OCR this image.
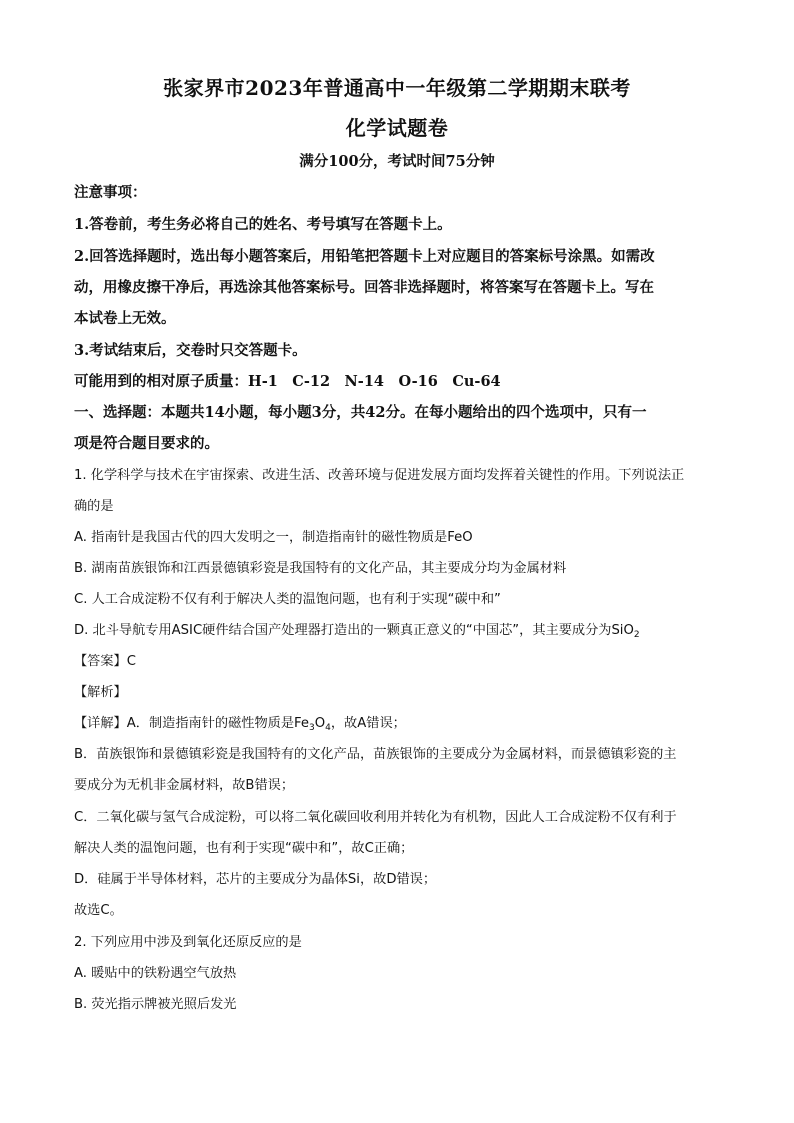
张家界市2023年普通高中一年级第二学期期末联考
化学试题卷
满分100分，考试时间75分钟
注意事项：
1.答卷前，考生务必将自己的姓名、考号填写在答题卡上。
2.回答选择题时，选出每小题答案后，用铅笔把答题卡上对应题目的答案标号涂黑。如需改
动，用橡皮擦干净后，再选涂其他答案标号。回答非选择题时，将答案写在答题卡上。写在
本试卷上无效。
3.考试结束后，交卷时只交答题卡。
可能用到的相对原子质量：H-1　C-12　N-14　O-16　Cu-64
一、选择题：本题共14小题，每小题3分，共42分。在每小题给出的四个选项中，只有一
项是符合题目要求的。
1. 化学科学与技术在宇宙探索、改进生活、改善环境与促进发展方面均发挥着关键性的作用。下列说法正
确的是
A. 指南针是我国古代的四大发明之一，制造指南针的磁性物质是FeO
B. 湖南苗族银饰和江西景德镇彩瓷是我国特有的文化产品，其主要成分均为金属材料
C. 人工合成淀粉不仅有利于解决人类的温饱问题，也有利于实现“碳中和”
D. 北斗导航专用ASIC硬件结合国产处理器打造出的一颗真正意义的“中国芯”，其主要成分为SiO$_2$
【答案】C
【解析】
【详解】A．制造指南针的磁性物质是$Fe_3O_4$，故A错误；
B．苗族银饰和景德镇彩瓷是我国特有的文化产品，苗族银饰的主要成分为金属材料，而景德镇彩瓷的主
要成分为无机非金属材料，故B错误；
C．二氧化碳与氢气合成淀粉，可以将二氧化碳回收利用并转化为有机物，因此人工合成淀粉不仅有利于
解决人类的温饱问题，也有利于实现“碳中和”，故C正确；
D．硅属于半导体材料，芯片的主要成分为晶体Si，故D错误；
故选C。
2. 下列应用中涉及到氧化还原反应的是
A. 暖贴中的铁粉遇空气放热
B. 荧光指示牌被光照后发光
